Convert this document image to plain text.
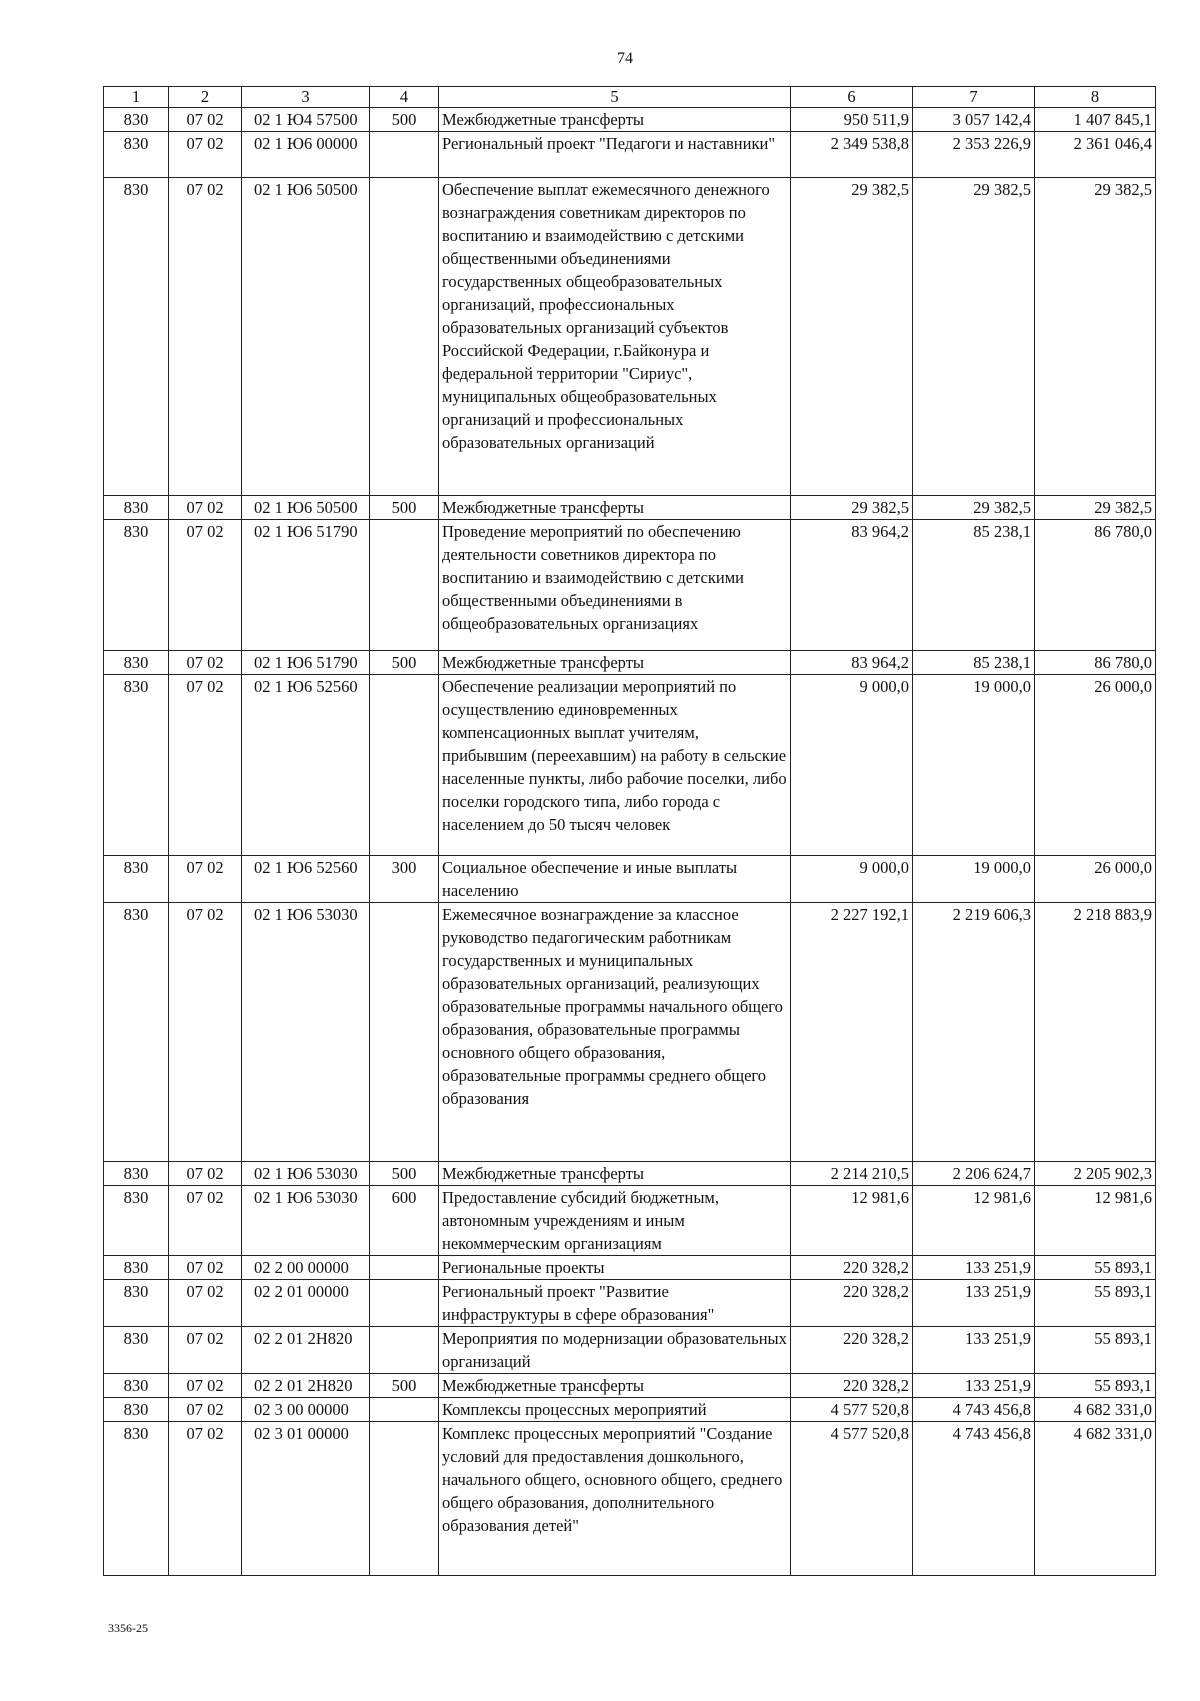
74
1	2	3	4	5	6	7	8
830	07 02	02 1 Ю4 57500	500	Межбюджетные трансферты	950 511,9	3 057 142,4	1 407 845,1
830	07 02	02 1 Ю6 00000		Региональный проект "Педагоги и наставники"	2 349 538,8	2 353 226,9	2 361 046,4
830	07 02	02 1 Ю6 50500		Обеспечение выплат ежемесячного денежного вознаграждения советникам директоров по воспитанию и взаимодействию с детскими общественными объединениями государственных общеобразовательных организаций, профессиональных образовательных организаций субъектов Российской Федерации, г.Байконура и федеральной территории "Сириус", муниципальных общеобразовательных организаций и профессиональных образовательных организаций	29 382,5	29 382,5	29 382,5
830	07 02	02 1 Ю6 50500	500	Межбюджетные трансферты	29 382,5	29 382,5	29 382,5
830	07 02	02 1 Ю6 51790		Проведение мероприятий по обеспечению деятельности советников директора по воспитанию и взаимодействию с детскими общественными объединениями в общеобразовательных организациях	83 964,2	85 238,1	86 780,0
830	07 02	02 1 Ю6 51790	500	Межбюджетные трансферты	83 964,2	85 238,1	86 780,0
830	07 02	02 1 Ю6 52560		Обеспечение реализации мероприятий по осуществлению единовременных компенсационных выплат учителям, прибывшим (переехавшим) на работу в сельские населенные пункты, либо рабочие поселки, либо поселки городского типа, либо города с населением до 50 тысяч человек	9 000,0	19 000,0	26 000,0
830	07 02	02 1 Ю6 52560	300	Социальное обеспечение и иные выплаты населению	9 000,0	19 000,0	26 000,0
830	07 02	02 1 Ю6 53030		Ежемесячное вознаграждение за классное руководство педагогическим работникам государственных и муниципальных образовательных организаций, реализующих образовательные программы начального общего образования, образовательные программы основного общего образования, образовательные программы среднего общего образования	2 227 192,1	2 219 606,3	2 218 883,9
830	07 02	02 1 Ю6 53030	500	Межбюджетные трансферты	2 214 210,5	2 206 624,7	2 205 902,3
830	07 02	02 1 Ю6 53030	600	Предоставление субсидий бюджетным, автономным учреждениям и иным некоммерческим организациям	12 981,6	12 981,6	12 981,6
830	07 02	02 2 00 00000		Региональные проекты	220 328,2	133 251,9	55 893,1
830	07 02	02 2 01 00000		Региональный проект "Развитие инфраструктуры в сфере образования"	220 328,2	133 251,9	55 893,1
830	07 02	02 2 01 2Н820		Мероприятия по модернизации образовательных организаций	220 328,2	133 251,9	55 893,1
830	07 02	02 2 01 2Н820	500	Межбюджетные трансферты	220 328,2	133 251,9	55 893,1
830	07 02	02 3 00 00000		Комплексы процессных мероприятий	4 577 520,8	4 743 456,8	4 682 331,0
830	07 02	02 3 01 00000		Комплекс процессных мероприятий "Создание условий для предоставления дошкольного, начального общего, основного общего, среднего общего образования, дополнительного образования детей"	4 577 520,8	4 743 456,8	4 682 331,0
3356-25
